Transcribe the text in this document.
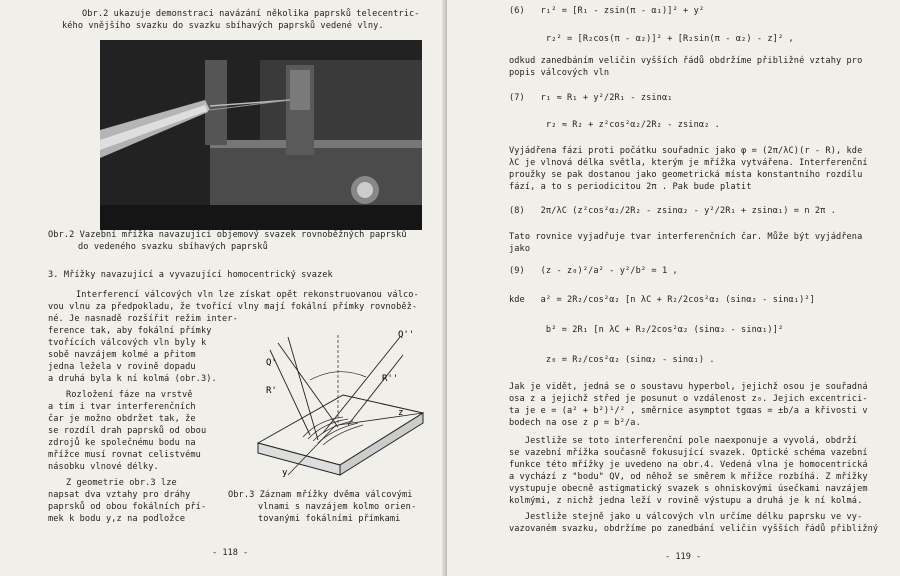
Obr.2 ukazuje demonstraci navázání několika paprsků telecentric-
kého vnějšího svazku do svazku sbíhavých paprsků vedené vlny.
Obr.2 Vazební mřížka navazující objemový svazek rovnoběžných paprsků
do vedeného svazku sbíhavých paprsků
3. Mřížky navazující a vyvazující homocentrický svazek
Interferencí válcových vln lze získat opět rekonstruovanou válco-
vou vlnu za předpokladu, že tvořící vlny mají fokální přímky rovnoběž-
né. Je nasnadě rozšířit režim inter-
ference tak, aby fokální přímky
tvořících válcových vln byly k
sobě navzájem kolmé a přitom
jedna ležela v rovině dopadu
a druhá byla k ní kolmá (obr.3).
Rozložení fáze na vrstvě
a tím i tvar interferenčních
čar je možno obdržet tak, že
se rozdíl drah paprsků od obou
zdrojů ke společnému bodu na
mřížce musí rovnat celistvému
násobku vlnové délky.
Z geometrie obr.3 lze
napsat dva vztahy pro dráhy
paprsků od obou fokálních pří-
mek k bodu y,z na podložce
Q'
Q''
R'
R''
z
y
Obr.3 Záznam mřížky dvěma válcovými
vlnami s navzájem kolmo orien-
tovanými fokálními přímkami
- 118 -
(6)   r₁² = [R₁ - zsin(π - α₁)]² + y²
r₂² = [R₂cos(π - α₂)]² + [R₂sin(π - α₂) - z]² ,
odkud zanedbáním veličin vyšších řádů obdržíme přibližné vztahy pro
popis válcových vln
(7)   r₁ ≈ R₁ + y²/2R₁ - zsinα₁
r₂ ≈ R₂ + z²cos²α₂/2R₂ - zsinα₂ .
Vyjádřena fázi proti počátku souřadnic jako φ = (2π/λC)(r - R), kde
λC je vlnová délka světla, kterým je mřížka vytvářena. Interferenční
proužky se pak dostanou jako geometrická místa konstantního rozdílu
fází, a to s periodicitou 2π . Pak bude platit
(8)   2π/λC (z²cos²α₂/2R₂ - zsinα₂ - y²/2R₁ + zsinα₁) = n 2π .
Tato rovnice vyjadřuje tvar interferenčních čar. Může být vyjádřena
jako
(9)   (z - z₀)²/a² - y²/b² = 1 ,
kde   a² = 2R₂/cos²α₂ [n λC + R₂/2cos²α₂ (sinα₂ - sinα₁)²]
b² = 2R₁ [n λC + R₂/2cos²α₂ (sinα₂ - sinα₁)]²
z₀ = R₂/cos²α₂ (sinα₂ - sinα₁) .
Jak je vidět, jedná se o soustavu hyperbol, jejichž osou je souřadná
osa z a jejichž střed je posunut o vzdálenost z₀. Jejich excentrici-
ta je e = (a² + b²)¹/² , směrnice asymptot tgαas = ±b/a a křivosti v
bodech na ose z ρ = b²/a.
Jestliže se toto interferenční pole naexponuje a vyvolá, obdrží
se vazební mřížka současně fokusující svazek. Optické schéma vazební
funkce této mřížky je uvedeno na obr.4. Vedená vlna je homocentrická
a vychází z "bodu" QV, od něhož se směrem k mřížce rozbíhá. Z mřížky
vystupuje obecně astigmatický svazek s ohniskovými úsečkami navzájem
kolmými, z nichž jedna leží v rovině výstupu a druhá je k ní kolmá.
Jestliže stejně jako u válcových vln určíme délku paprsku ve vy-
vazovaném svazku, obdržíme po zanedbání veličin vyšších řádů přibližný
- 119 -
